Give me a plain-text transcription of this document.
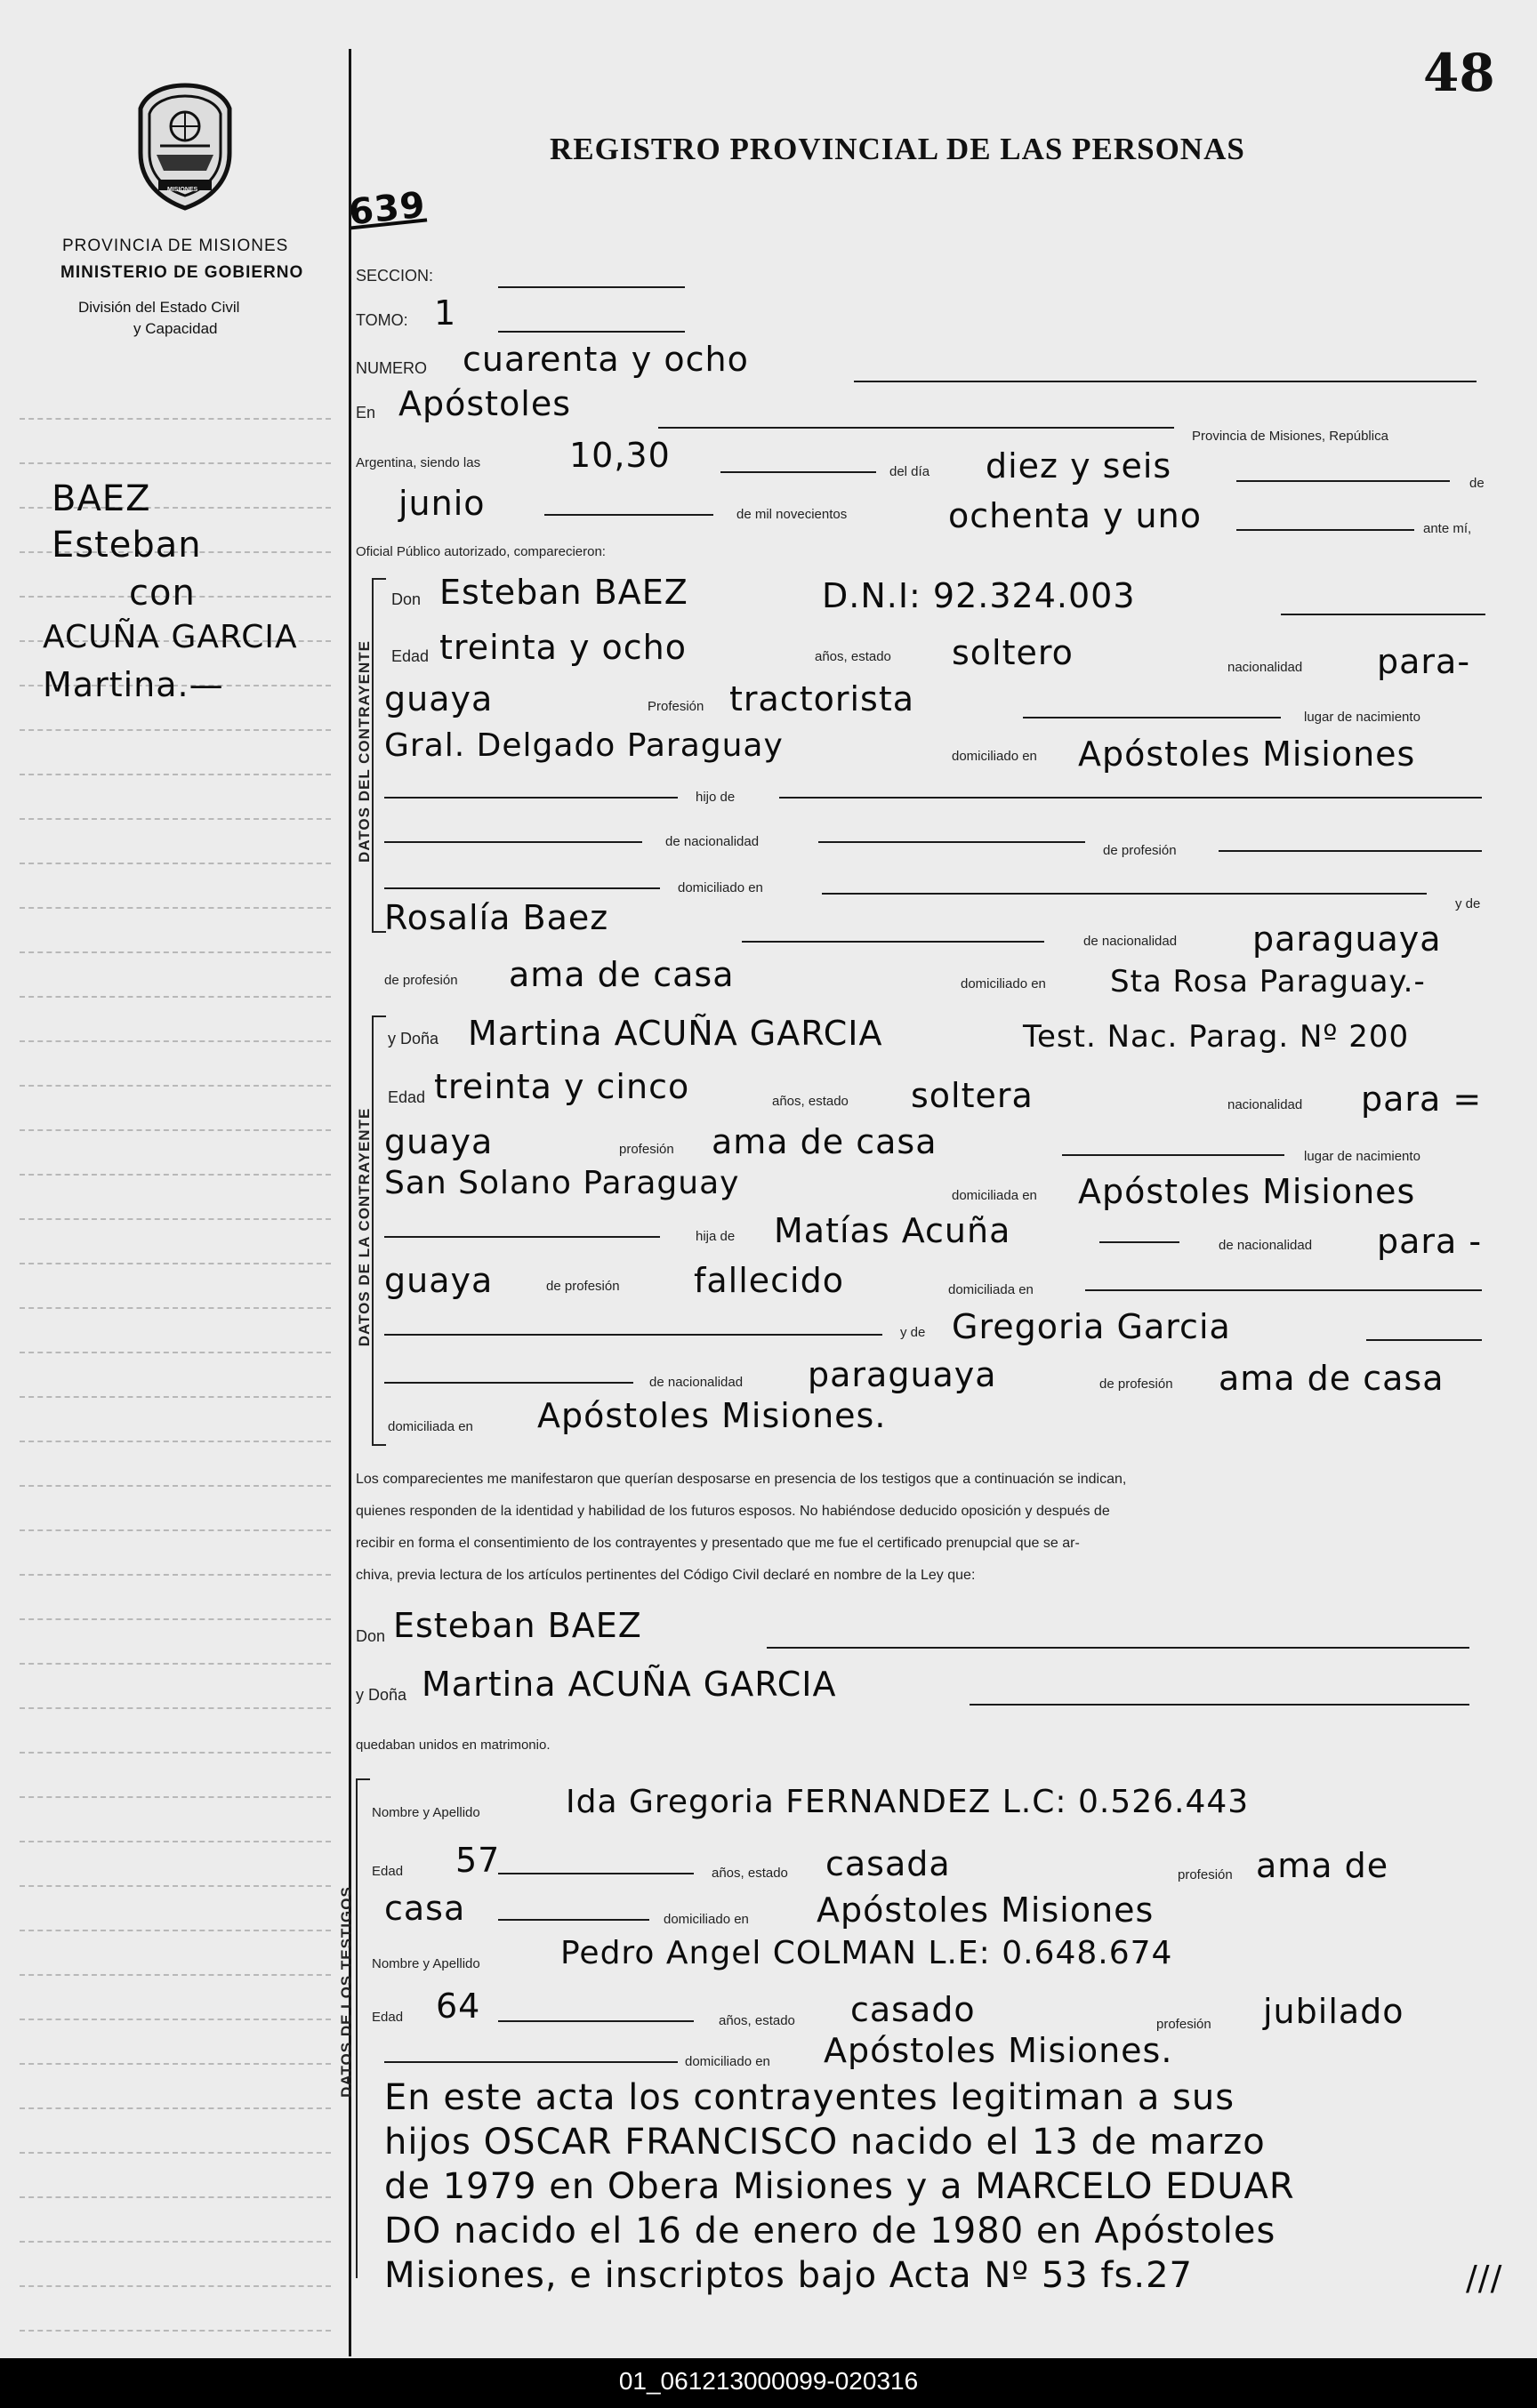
48
MISIONES
PROVINCIA DE MISIONES
MINISTERIO DE GOBIERNO
División del Estado Civil
y Capacidad
REGISTRO PROVINCIAL DE LAS PERSONAS
BAEZ
Esteban
con
ACUÑA GARCIA
Martina.—
639
SECCION:
TOMO: 1
NUMERO cuarenta y ocho
En Apóstoles
Provincia de Misiones, República
Argentina, siendo las	10,30	del día diez y seis	de
junio	de mil novecientos	ochenta y uno	ante mí,
Oficial Público autorizado, comparecieron:
DATOS DEL CONTRAYENTE
Don Esteban BAEZ	D.N.I: 92.324.003
Edad treinta y ocho	años, estado soltero	nacionalidad para-
guaya	Profesión tractorista	lugar de nacimiento
Gral. Delgado Paraguay	domiciliado en Apóstoles Misiones
hijo de
de nacionalidad
de profesión
domiciliado en
y de
Rosalía Baez
de nacionalidad paraguaya
de profesión ama de casa	domiciliado en Sta Rosa Paraguay.-
DATOS DE LA CONTRAYENTE
y Doña Martina ACUÑA GARCIA	Test. Nac. Parag. Nº 200
Edad treinta y cinco	años, estado soltera	nacionalidad para =
guaya	profesión ama de casa	lugar de nacimiento
San Solano Paraguay	domiciliada en Apóstoles Misiones
hija de Matías Acuña	de nacionalidad para -
guaya	de profesión fallecido	domiciliada en
y de Gregoria Garcia
de nacionalidad paraguaya	de profesión ama de casa
domiciliada en Apóstoles Misiones.
Los comparecientes me manifestaron que querían desposarse en presencia de los testigos que a continuación se indican,
quienes responden de la identidad y habilidad de los futuros esposos. No habiéndose deducido oposición y después de
recibir en forma el consentimiento de los contrayentes y presentado que me fue el certificado prenupcial que se ar-
chiva, previa lectura de los artículos pertinentes del Código Civil declaré en nombre de la Ley que:
Don Esteban BAEZ
y Doña Martina ACUÑA GARCIA
quedaban unidos en matrimonio.
DATOS DE LOS TESTIGOS
Nombre y Apellido	Ida Gregoria FERNANDEZ L.C: 0.526.443
Edad 57	años, estado casada	profesión ama de
casa	domiciliado en Apóstoles Misiones
Nombre y Apellido	Pedro Angel COLMAN L.E: 0.648.674
Edad 64	años, estado casado	profesión jubilado
domiciliado en Apóstoles Misiones.
En este acta los contrayentes legitiman a sus
hijos OSCAR FRANCISCO nacido el 13 de marzo
de 1979 en Obera Misiones y a MARCELO EDUAR
DO nacido el 16 de enero de 1980 en Apóstoles
Misiones, e inscriptos bajo Acta Nº 53 fs.27	///
01_061213000099-020316
